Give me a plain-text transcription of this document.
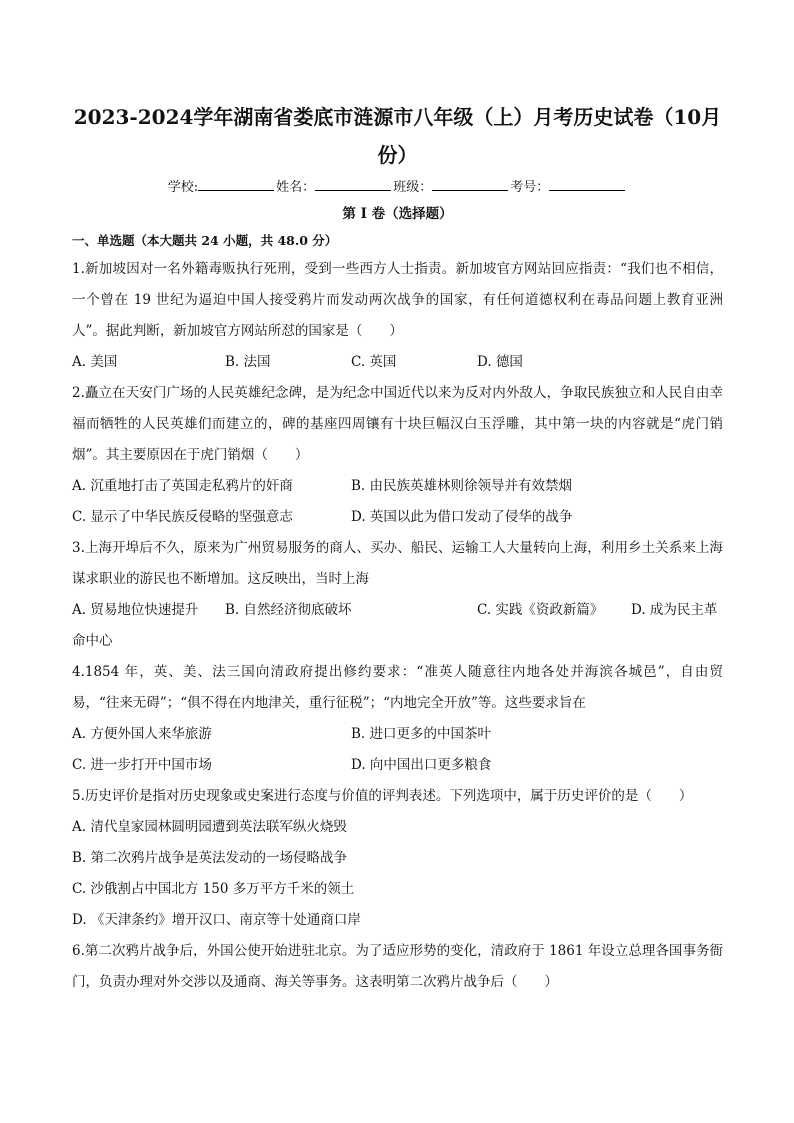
2023-2024学年湖南省娄底市涟源市八年级（上）月考历史试卷（10月
份）
学校:	姓名：	班级：	考号：
第 I 卷（选择题）
一、单选题（本大题共 24 小题，共 48.0 分）

1.新加坡因对一名外籍毒贩执行死刑，受到一些西方人士指责。新加坡官方网站回应指责：“我们也不相信，一个曾在 19 世纪为逼迫中国人接受鸦片而发动两次战争的国家，有任何道德权利在毒品问题上教育亚洲人”。据此判断，新加坡官方网站所怼的国家是（　　）

A. 美国	B. 法国	C. 英国	D. 德国

2.矗立在天安门广场的人民英雄纪念碑，是为纪念中国近代以来为反对内外敌人，争取民族独立和人民自由幸福而牺牲的人民英雄们而建立的，碑的基座四周镶有十块巨幅汉白玉浮雕，其中第一块的内容就是“虎门销烟”。其主要原因在于虎门销烟（　　）

A. 沉重地打击了英国走私鸦片的奸商	B. 由民族英雄林则徐领导并有效禁烟
C. 显示了中华民族反侵略的坚强意志	D. 英国以此为借口发动了侵华的战争

3.上海开埠后不久，原来为广州贸易服务的商人、买办、船民、运输工人大量转向上海，利用乡土关系来上海谋求职业的游民也不断增加。这反映出，当时上海

A. 贸易地位快速提升 B. 自然经济彻底破坏	C. 实践《资政新篇》 D. 成为民主革
命中心

4.1854 年，英、美、法三国向清政府提出修约要求：“准英人随意往内地各处并海滨各城邑”，自由贸易，“往来无碍”；“俱不得在内地津关，重行征税”；“内地完全开放”等。这些要求旨在

A. 方便外国人来华旅游	B. 进口更多的中国茶叶
C. 进一步打开中国市场	D. 向中国出口更多粮食

5.历史评价是指对历史现象或史案进行态度与价值的评判表述。下列选项中，属于历史评价的是（　　）

A. 清代皇家园林圆明园遭到英法联军纵火烧毁
B. 第二次鸦片战争是英法发动的一场侵略战争
C. 沙俄割占中国北方 150 多万平方千米的领土
D. 《天津条约》增开汉口、南京等十处通商口岸

6.第二次鸦片战争后，外国公使开始进驻北京。为了适应形势的变化，清政府于 1861 年设立总理各国事务衙门，负责办理对外交涉以及通商、海关等事务。这表明第二次鸦片战争后（　　）
